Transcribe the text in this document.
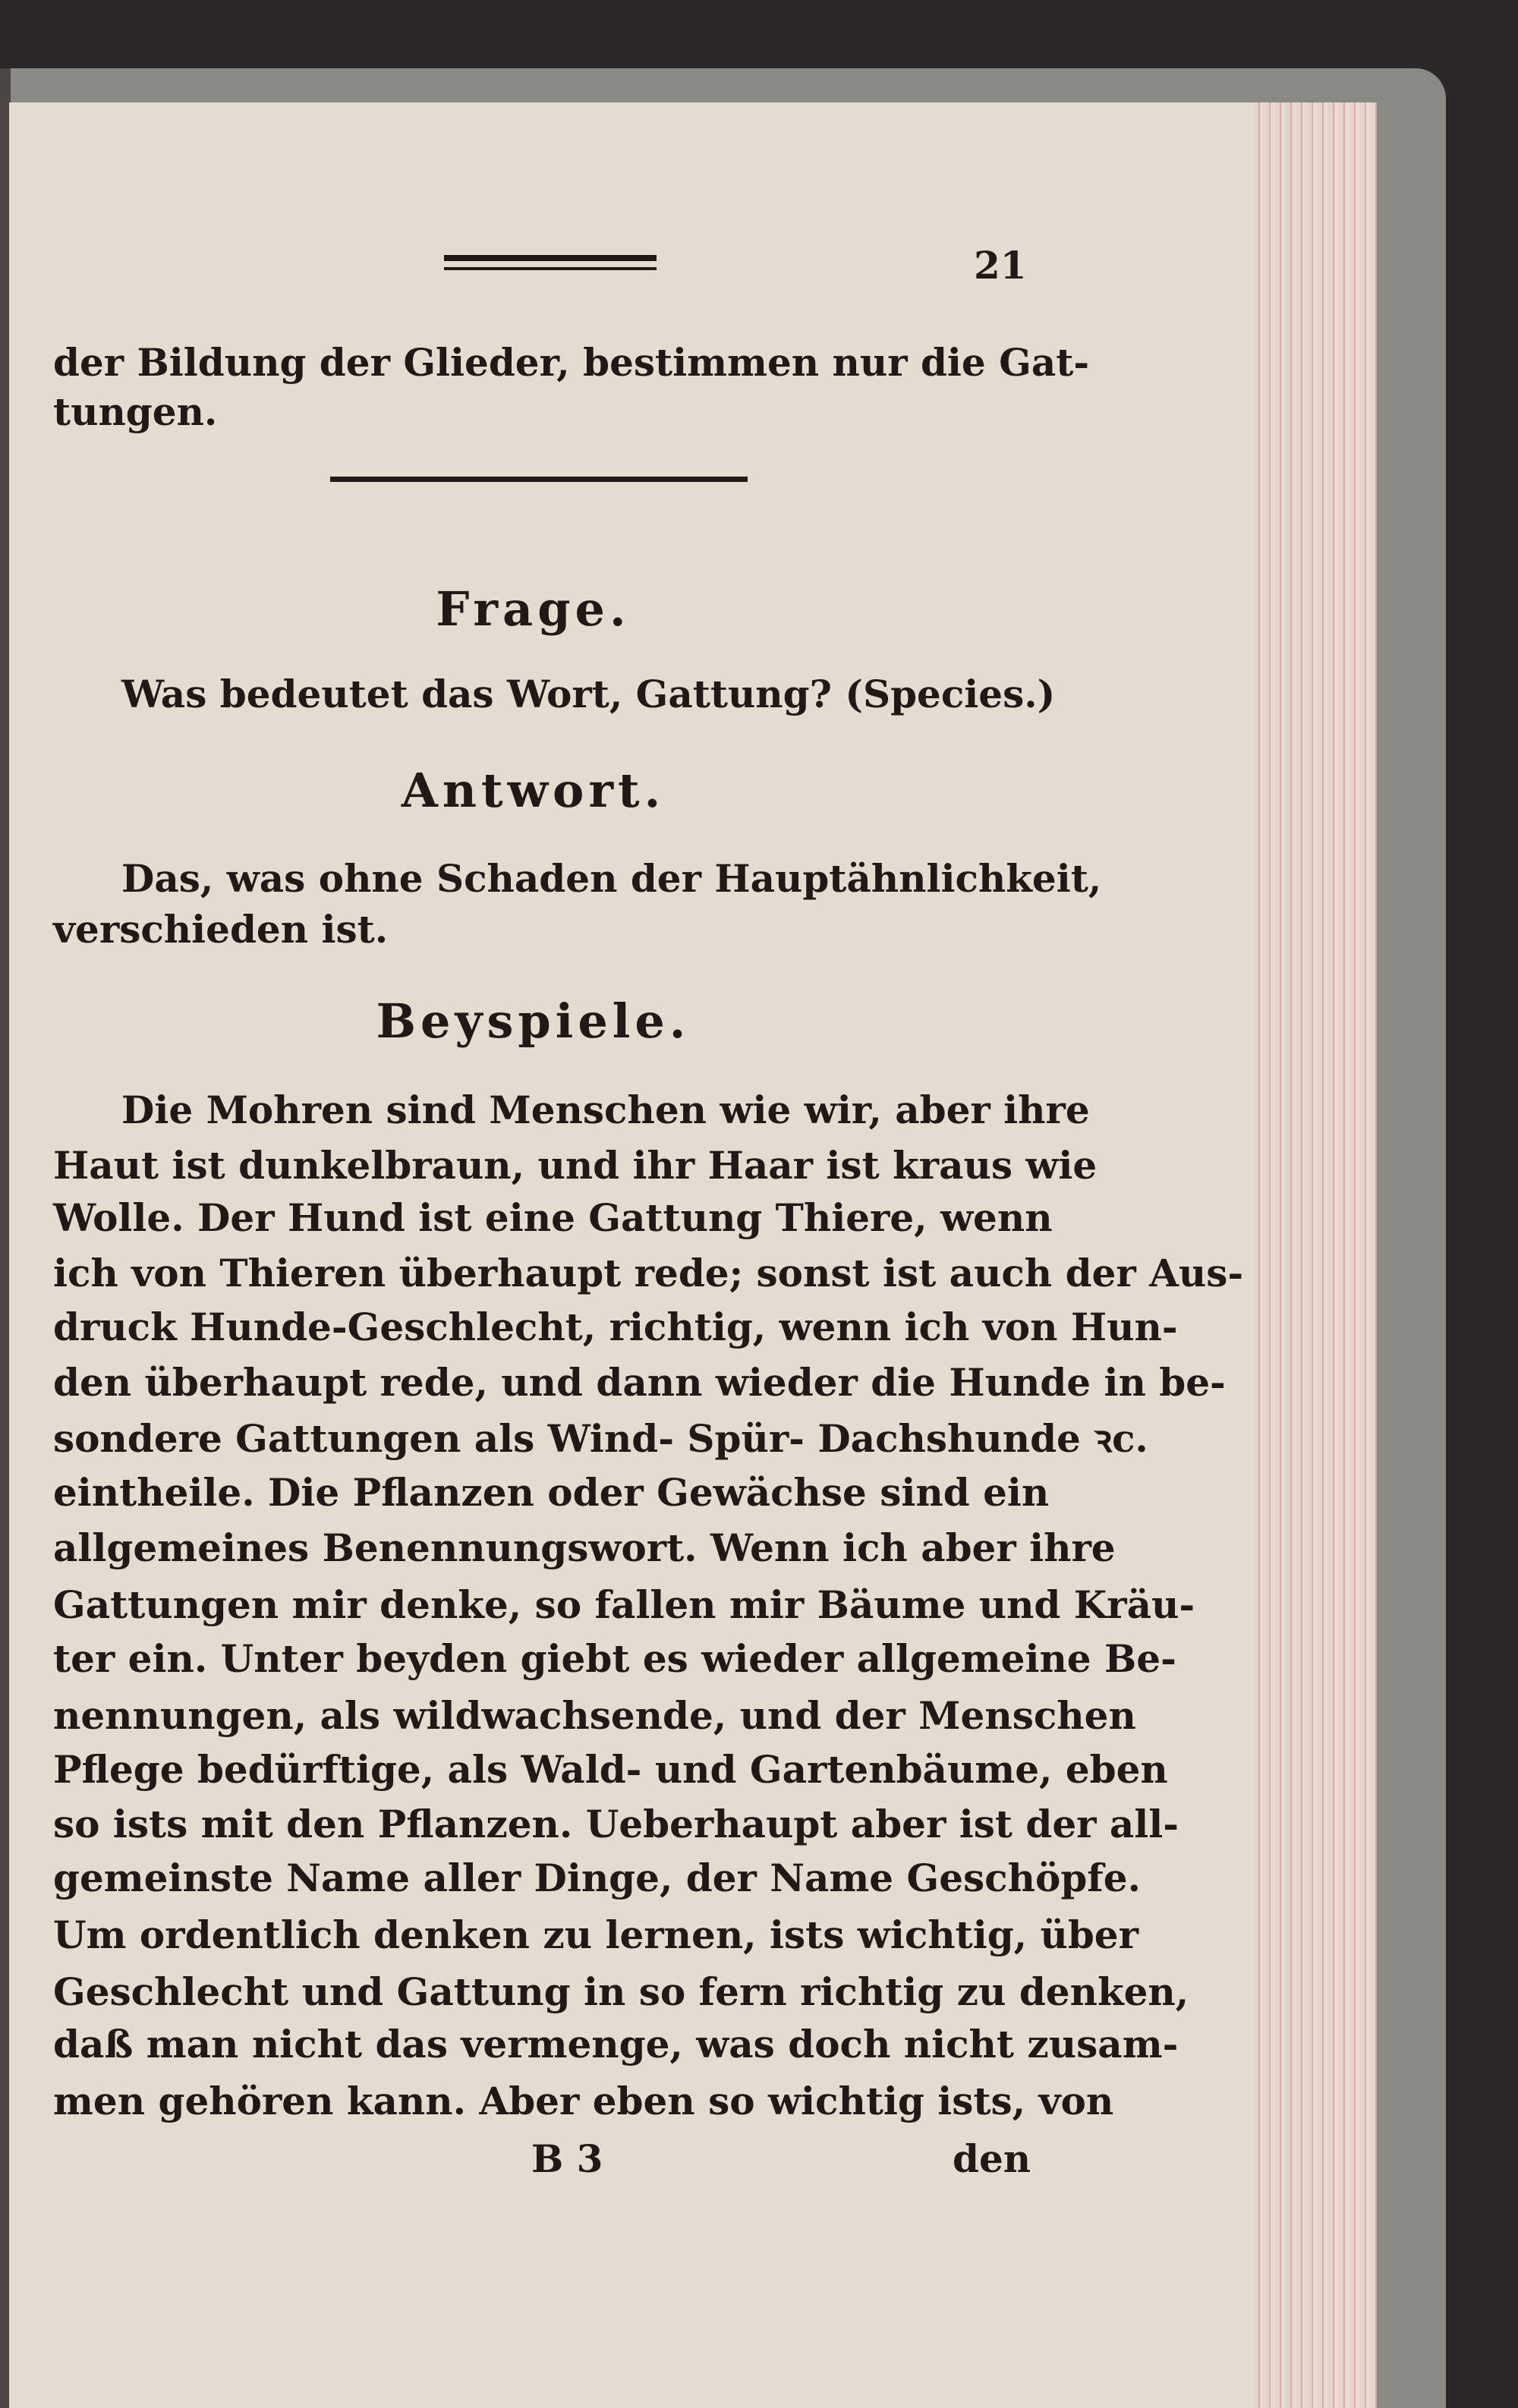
21
der Bildung der Glieder, bestimmen nur die Gat-
tungen.
Frage.
Was bedeutet das Wort, Gattung? (Species.)
Antwort.
Das, was ohne Schaden der Hauptähnlichkeit,
verschieden ist.
Beyspiele.
Die Mohren sind Menschen wie wir, aber ihre
Haut ist dunkelbraun, und ihr Haar ist kraus wie
Wolle. Der Hund ist eine Gattung Thiere, wenn
ich von Thieren überhaupt rede; sonst ist auch der Aus-
druck Hunde-Geschlecht, richtig, wenn ich von Hun-
den überhaupt rede, und dann wieder die Hunde in be-
sondere Gattungen als Wind- Spür- Dachshunde ꝛc.
eintheile. Die Pflanzen oder Gewächse sind ein
allgemeines Benennungswort. Wenn ich aber ihre
Gattungen mir denke, so fallen mir Bäume und Kräu-
ter ein. Unter beyden giebt es wieder allgemeine Be-
nennungen, als wildwachsende, und der Menschen
Pflege bedürftige, als Wald- und Gartenbäume, eben
so ists mit den Pflanzen. Ueberhaupt aber ist der all-
gemeinste Name aller Dinge, der Name Geschöpfe.
Um ordentlich denken zu lernen, ists wichtig, über
Geschlecht und Gattung in so fern richtig zu denken,
daß man nicht das vermenge, was doch nicht zusam-
men gehören kann. Aber eben so wichtig ists, von
B 3	den
